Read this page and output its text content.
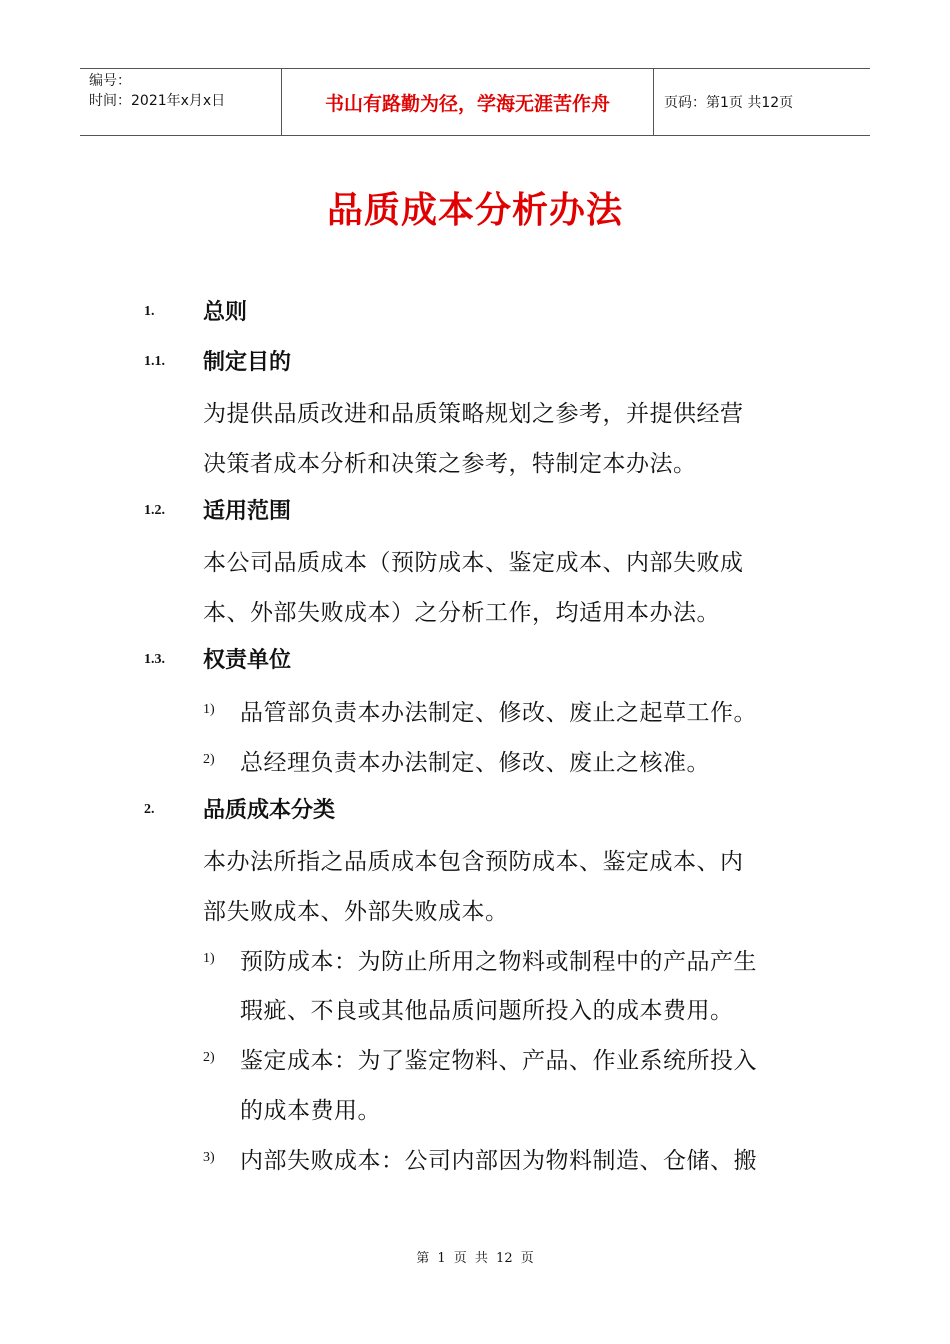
编号：
时间：2021年x月x日	书山有路勤为径，学海无涯苦作舟	页码：第1页 共12页
品质成本分析办法
1. 总则
1.1. 制定目的
为提供品质改进和品质策略规划之参考，并提供经营
决策者成本分析和决策之参考，特制定本办法。
1.2. 适用范围
本公司品质成本（预防成本、鉴定成本、内部失败成
本、外部失败成本）之分析工作，均适用本办法。
1.3. 权责单位
1) 品管部负责本办法制定、修改、废止之起草工作。
2) 总经理负责本办法制定、修改、废止之核准。
2. 品质成本分类
本办法所指之品质成本包含预防成本、鉴定成本、内
部失败成本、外部失败成本。
1) 预防成本：为防止所用之物料或制程中的产品产生
瑕疵、不良或其他品质问题所投入的成本费用。
2) 鉴定成本：为了鉴定物料、产品、作业系统所投入
的成本费用。
3) 内部失败成本：公司内部因为物料制造、仓储、搬
第 1 页 共 12 页
